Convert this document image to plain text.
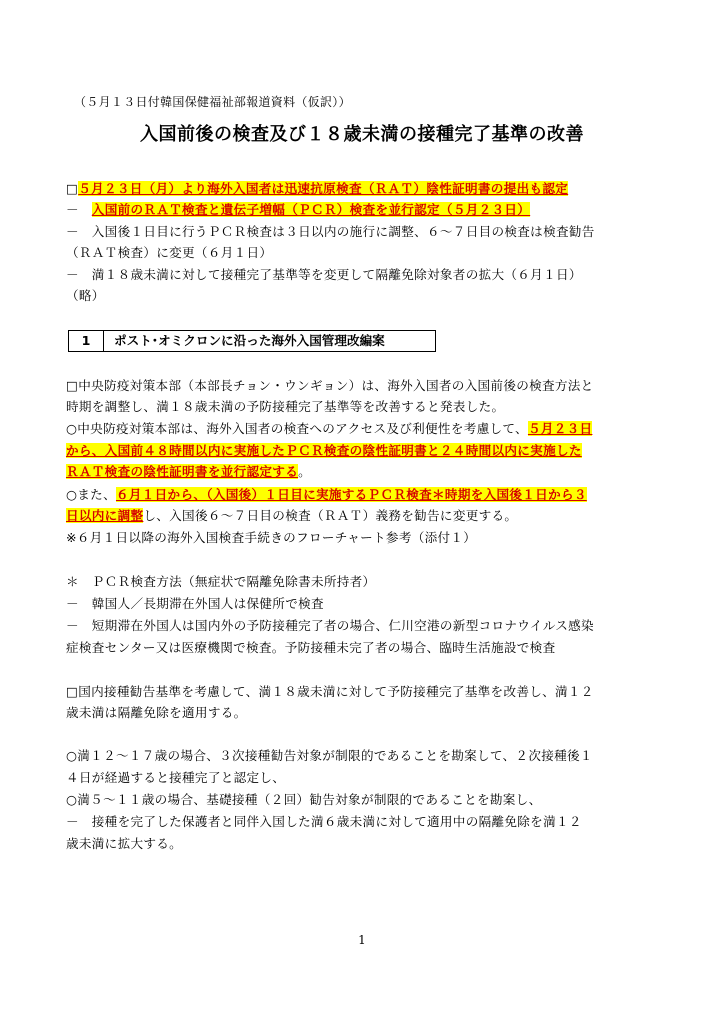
（５月１３日付韓国保健福祉部報道資料（仮訳））
入国前後の検査及び１８歳未満の接種完了基準の改善
□５月２３日（月）より海外入国者は迅速抗原検査（ＲＡＴ）陰性証明書の提出も認定
－　入国前のＲＡＴ検査と遺伝子増幅（ＰＣＲ）検査を並行認定（５月２３日）
－　入国後１日目に行うＰＣＲ検査は３日以内の施行に調整、６～７日目の検査は検査勧告
（ＲＡＴ検査）に変更（６月１日）
－　満１８歳未満に対して接種完了基準等を変更して隔離免除対象者の拡大（６月１日）
（略）
1	ポスト･オミクロンに沿った海外入国管理改編案
□中央防疫対策本部（本部長チョン・ウンギョン）は、海外入国者の入国前後の検査方法と
時期を調整し、満１８歳未満の予防接種完了基準等を改善すると発表した。
○中央防疫対策本部は、海外入国者の検査へのアクセス及び利便性を考慮して、５月２３日
から、入国前４８時間以内に実施したＰＣＲ検査の陰性証明書と２４時間以内に実施した
ＲＡＴ検査の陰性証明書を並行認定する。
○また、６月１日から、（入国後）１日目に実施するＰＣＲ検査＊時期を入国後１日から３
日以内に調整し、入国後６～７日目の検査（ＲＡＴ）義務を勧告に変更する。
※６月１日以降の海外入国検査手続きのフローチャート参考（添付１）
＊　ＰＣＲ検査方法（無症状で隔離免除書未所持者）
－　韓国人／長期滞在外国人は保健所で検査
－　短期滞在外国人は国内外の予防接種完了者の場合、仁川空港の新型コロナウイルス感染
症検査センター又は医療機関で検査。予防接種未完了者の場合、臨時生活施設で検査
□国内接種勧告基準を考慮して、満１８歳未満に対して予防接種完了基準を改善し、満１２
歳未満は隔離免除を適用する。
○満１２～１７歳の場合、３次接種勧告対象が制限的であることを勘案して、２次接種後１
４日が経過すると接種完了と認定し、
○満５～１１歳の場合、基礎接種（２回）勧告対象が制限的であることを勘案し、
－　接種を完了した保護者と同伴入国した満６歳未満に対して適用中の隔離免除を満１２
歳未満に拡大する。
1
